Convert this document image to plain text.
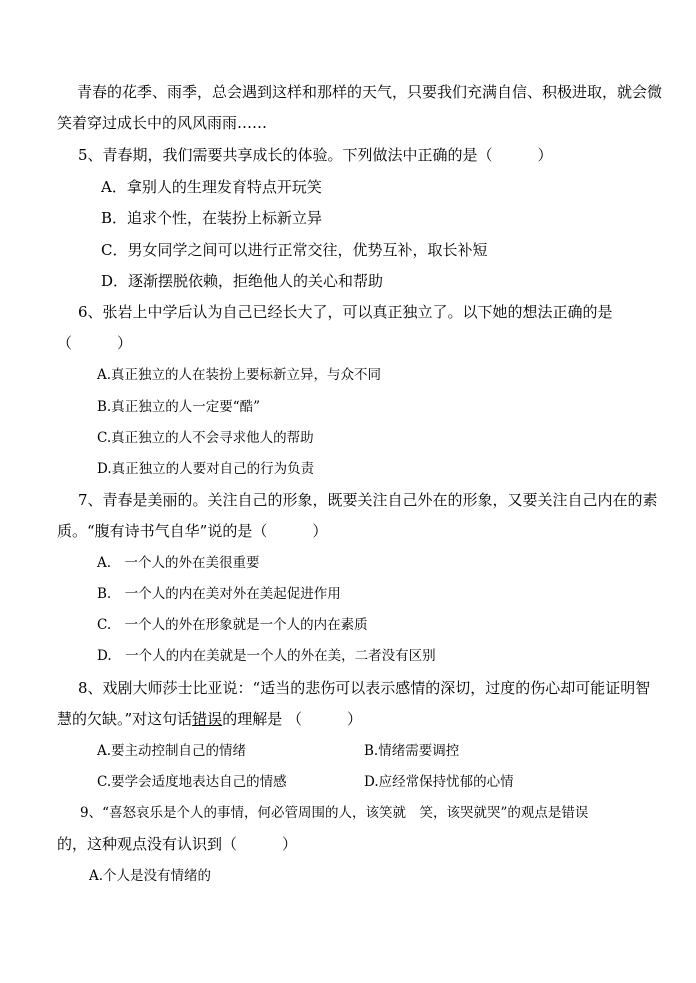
青春的花季、雨季，总会遇到这样和那样的天气，只要我们充满自信、积极进取，就会微
笑着穿过成长中的风风雨雨……
5、青春期，我们需要共享成长的体验。下列做法中正确的是（　　　）
A．拿别人的生理发育特点开玩笑
B．追求个性，在装扮上标新立异
C．男女同学之间可以进行正常交往，优势互补，取长补短
D．逐渐摆脱依赖，拒绝他人的关心和帮助
6、张岩上中学后认为自己已经长大了，可以真正独立了。以下她的想法正确的是
（　　　）
A.真正独立的人在装扮上要标新立异，与众不同
B.真正独立的人一定要“酷”
C.真正独立的人不会寻求他人的帮助
D.真正独立的人要对自己的行为负责
7、青春是美丽的。关注自己的形象，既要关注自己外在的形象，又要关注自己内在的素
质。“腹有诗书气自华”说的是（　　　）
A.　一个人的外在美很重要
B.　一个人的内在美对外在美起促进作用
C.　一个人的外在形象就是一个人的内在素质
D.　一个人的内在美就是一个人的外在美，二者没有区别
8、戏剧大师莎士比亚说：“适当的悲伤可以表示感情的深切，过度的伤心却可能证明智
慧的欠缺。”对这句话错误的理解是 （　　　）
A.要主动控制自己的情绪	B.情绪需要调控
C.要学会适度地表达自己的情感	D.应经常保持忧郁的心情
9、“喜怒哀乐是个人的事情，何必管周围的人，该笑就　笑，该哭就哭”的观点是错误
的，这种观点没有认识到（　　　）
A.个人是没有情绪的
